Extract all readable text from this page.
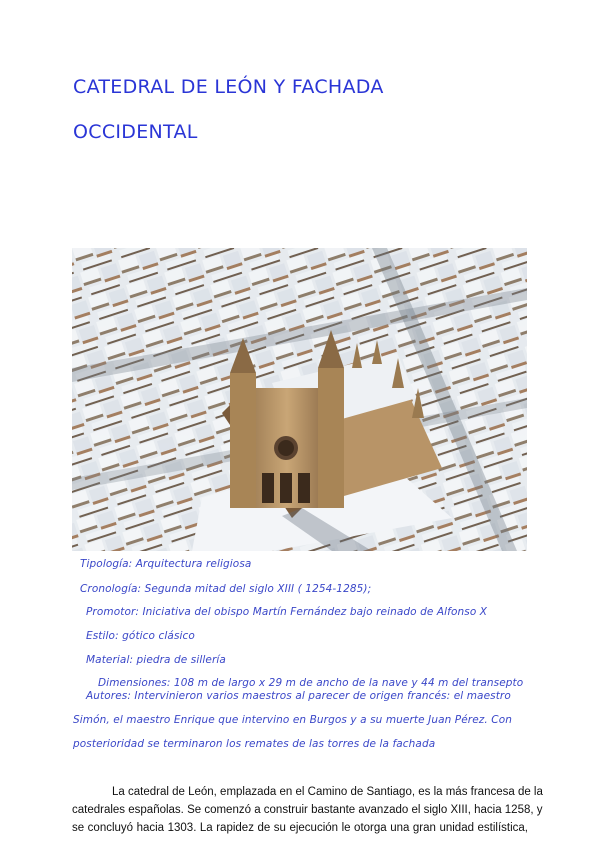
CATEDRAL DE LEÓN Y FACHADA
OCCIDENTAL

Tipología: Arquitectura religiosa

Cronología: Segunda mitad del siglo XIII ( 1254-1285);

Promotor: Iniciativa del obispo Martín Fernández bajo reinado de Alfonso X

Estilo: gótico clásico

Material: piedra de sillería

Dimensiones: 108 m de largo x 29 m de ancho de la nave y 44 m del transepto

Autores: Intervinieron varios maestros al parecer de origen francés: el maestro

Simón, el maestro Enrique que intervino en Burgos y a su muerte Juan Pérez. Con

posterioridad se terminaron los remates de las torres de la fachada

La catedral de León, emplazada en el Camino de Santiago, es la más francesa de la
catedrales españolas. Se comenzó a construir bastante avanzado el siglo XIII, hacia 1258, y
se concluyó hacia 1303. La rapidez de su ejecución le otorga una gran unidad estilística,
